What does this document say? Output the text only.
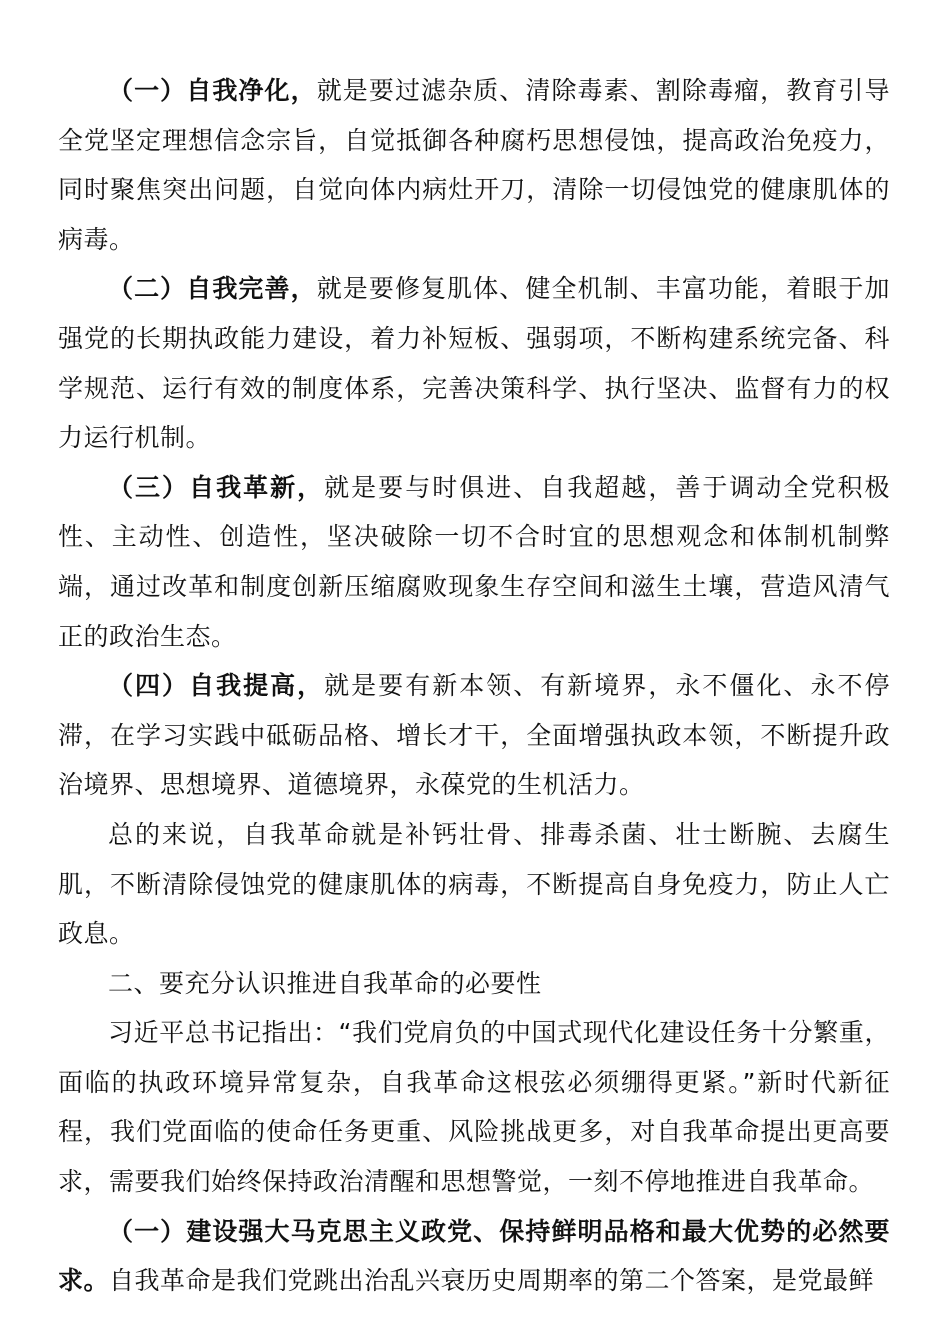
（一）自我净化，就是要过滤杂质、清除毒素、割除毒瘤，教育引导全党坚定理想信念宗旨，自觉抵御各种腐朽思想侵蚀，提高政治免疫力，同时聚焦突出问题，自觉向体内病灶开刀，清除一切侵蚀党的健康肌体的病毒。

（二）自我完善，就是要修复肌体、健全机制、丰富功能，着眼于加强党的长期执政能力建设，着力补短板、强弱项，不断构建系统完备、科学规范、运行有效的制度体系，完善决策科学、执行坚决、监督有力的权力运行机制。

（三）自我革新，就是要与时俱进、自我超越，善于调动全党积极性、主动性、创造性，坚决破除一切不合时宜的思想观念和体制机制弊端，通过改革和制度创新压缩腐败现象生存空间和滋生土壤，营造风清气正的政治生态。

（四）自我提高，就是要有新本领、有新境界，永不僵化、永不停滞，在学习实践中砥砺品格、增长才干，全面增强执政本领，不断提升政治境界、思想境界、道德境界，永葆党的生机活力。

总的来说，自我革命就是补钙壮骨、排毒杀菌、壮士断腕、去腐生肌，不断清除侵蚀党的健康肌体的病毒，不断提高自身免疫力，防止人亡政息。

二、要充分认识推进自我革命的必要性

习近平总书记指出：“我们党肩负的中国式现代化建设任务十分繁重，面临的执政环境异常复杂，自我革命这根弦必须绷得更紧。”新时代新征程，我们党面临的使命任务更重、风险挑战更多，对自我革命提出更高要求，需要我们始终保持政治清醒和思想警觉，一刻不停地推进自我革命。

（一）建设强大马克思主义政党、保持鲜明品格和最大优势的必然要求。自我革命是我们党跳出治乱兴衰历史周期率的第二个答案，是党最鲜
